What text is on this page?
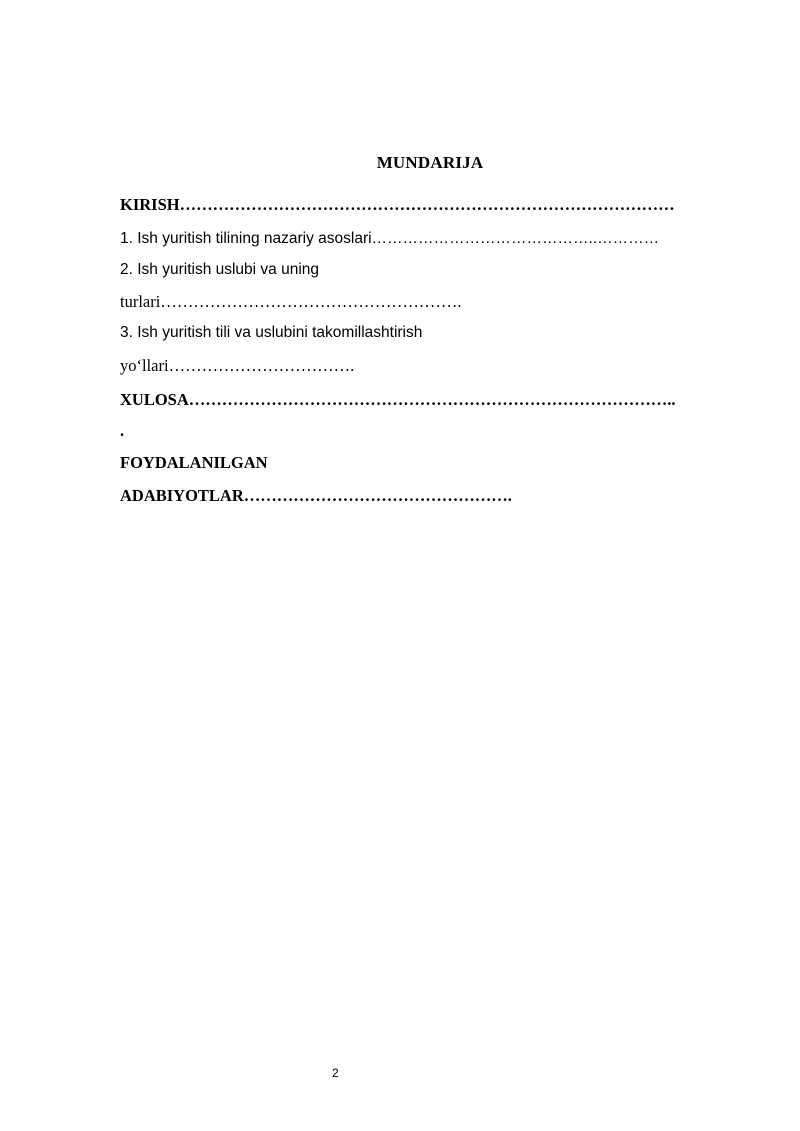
MUNDARIJA
KIRISH………………………………………………………………………………
1. Ish yuritish tilining nazariy asoslari……………………………………..…………
2. Ish yuritish uslubi va uning
turlari……………………………………………….
3. Ish yuritish tili va uslubini takomillashtirish
yo‘llari…………………………….
XULOSA……………………………………………………………………………..
.
FOYDALANILGAN
ADABIYOTLAR………………………………………….
2
